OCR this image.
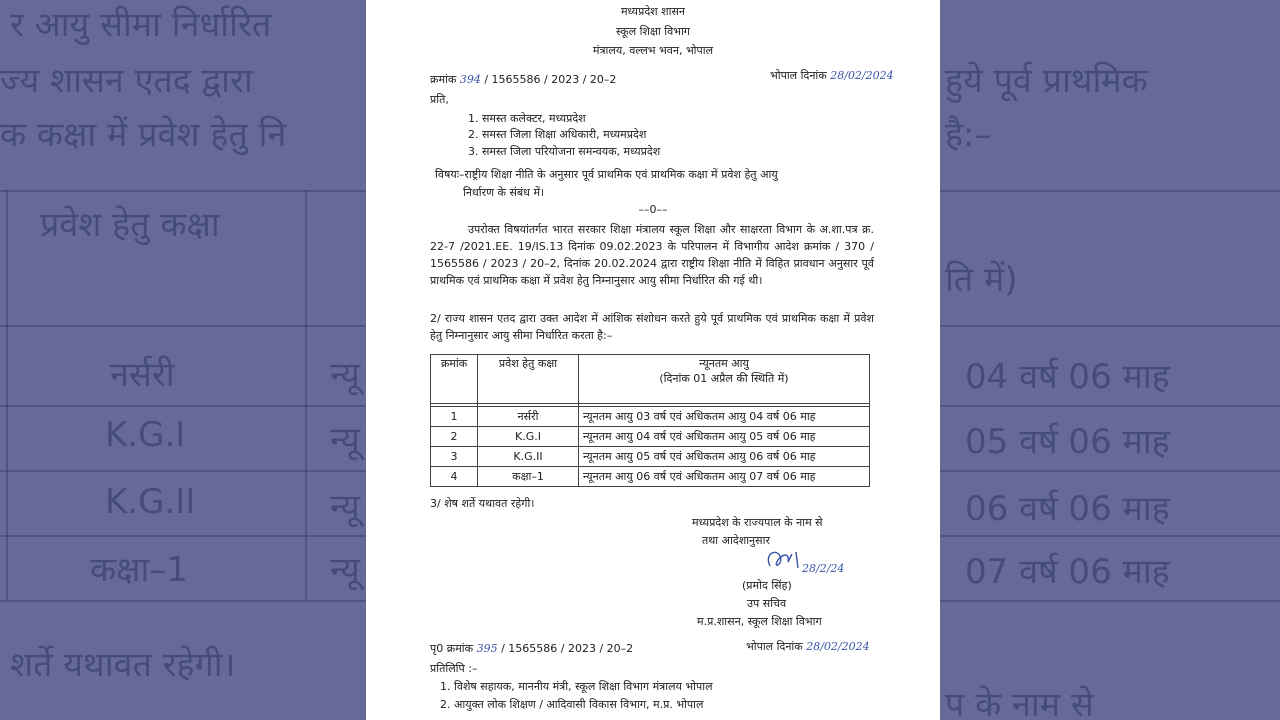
र आयु सीमा निर्धारित
ज्य शासन एतद द्वारा
क कक्षा में प्रवेश हेतु नि
प्रवेश हेतु कक्षा
नर्सरी
K.G.I
K.G.II
कक्षा–1
शर्ते यथावत रहेगी।
न्यू
न्यू
न्यू
न्यू
हुये पूर्व प्राथमिक
है:–
ति में)
04 वर्ष 06 माह
05 वर्ष 06 माह
06 वर्ष 06 माह
07 वर्ष 06 माह
प के नाम से
मध्यप्रदेश शासन
स्कूल शिक्षा विभाग
मंत्रालय, वल्लभ भवन, भोपाल
क्रमांक 394 / 1565586 / 2023 / 20–2	भोपाल दिनांक 28/02/2024
प्रति,
1. समस्त कलेक्टर, मध्यप्रदेश
2. समस्त जिला शिक्षा अधिकारी, मध्यमप्रदेश
3. समस्त जिला परियोजना समन्वयक, मध्यप्रदेश
विषयः–राष्ट्रीय शिक्षा नीति के अनुसार पूर्व प्राथमिक एवं प्राथमिक कक्षा में प्रवेश हेतु आयु
निर्धारण के संबंध में।
––0––
उपरोक्त विषयांतर्गत भारत सरकार शिक्षा मंत्रालय स्कूल शिक्षा और साक्षरता विभाग के अ.शा.पत्र क्र. 22-7 /2021.EE. 19/IS.13 दिनांक 09.02.2023 के परिपालन में विभागीय आदेश क्रमांक / 370 / 1565586 / 2023 / 20–2, दिनांक 20.02.2024 द्वारा राष्ट्रीय शिक्षा नीति में विहित प्रावधान अनुसार पूर्व प्राथमिक एवं प्राथमिक कक्षा में प्रवेश हेतु निम्नानुसार आयु सीमा निर्धारित की गई थी।
2/ राज्य शासन एतद द्वारा उक्त आदेश में आंशिक संशोधन करते हुये पूर्व प्राथमिक एवं प्राथमिक कक्षा में प्रवेश हेतु निम्नानुसार आयु सीमा निर्धारित करता है:–
क्रमांक	प्रवेश हेतु कक्षा	न्यूनतम आयु
(दिनांक 01 अप्रैल की स्थिति में)

1	नर्सरी	न्यूनतम आयु 03 वर्ष एवं अधिकतम आयु 04 वर्ष 06 माह
2	K.G.I	न्यूनतम आयु 04 वर्ष एवं अधिकतम आयु 05 वर्ष 06 माह
3	K.G.II	न्यूनतम आयु 05 वर्ष एवं अधिकतम आयु 06 वर्ष 06 माह
4	कक्षा–1	न्यूनतम आयु 06 वर्ष एवं अधिकतम आयु 07 वर्ष 06 माह
3/ शेष शर्ते यथावत रहेगी।
मध्यप्रदेश के राज्यपाल के नाम से
तथा आदेशानुसार
28/2/24
(प्रमोद सिंह)
उप सचिव
म.प्र.शासन, स्कूल शिक्षा विभाग
पृ0 क्रमांक 395 / 1565586 / 2023 / 20–2	भोपाल दिनांक 28/02/2024
प्रतिलिपि :–
1. विशेष सहायक, माननीय मंत्री, स्कूल शिक्षा विभाग मंत्रालय भोपाल
2. आयुक्त लोक शिक्षण / आदिवासी विकास विभाग, म.प्र. भोपाल
